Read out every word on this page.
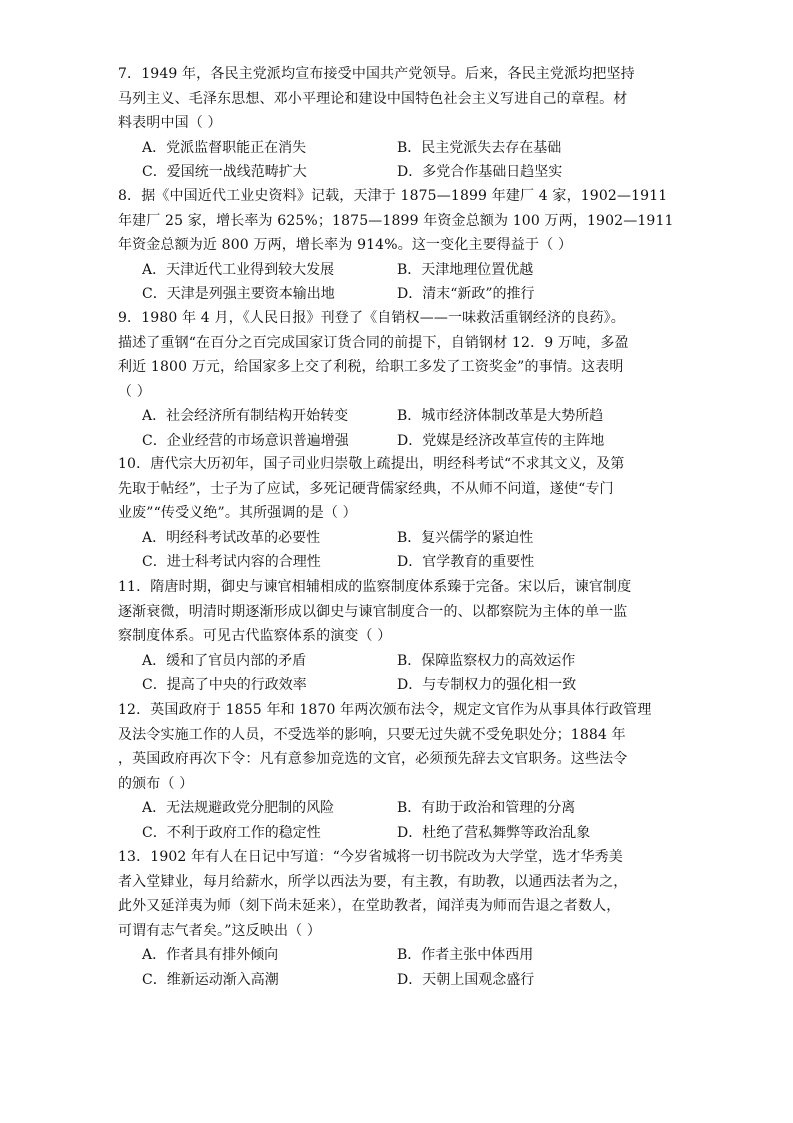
7．1949 年，各民主党派均宣布接受中国共产党领导。后来，各民主党派均把坚持
马列主义、毛泽东思想、邓小平理论和建设中国特色社会主义写进自己的章程。材
料表明中国（ ）

A．党派监督职能正在消失	B．民主党派失去存在基础
C．爱国统一战线范畴扩大	D．多党合作基础日趋坚实

8．据《中国近代工业史资料》记载，天津于 1875—1899 年建厂 4 家，1902—1911
年建厂 25 家，增长率为 625%；1875—1899 年资金总额为 100 万两，1902—1911
年资金总额为近 800 万两，增长率为 914%。这一变化主要得益于（ ）

A．天津近代工业得到较大发展	B．天津地理位置优越
C．天津是列强主要资本输出地	D．清末“新政”的推行

9．1980 年 4 月，《人民日报》刊登了《自销权——一味救活重钢经济的良药》。
描述了重钢“在百分之百完成国家订货合同的前提下，自销钢材 12．9 万吨，多盈
利近 1800 万元，给国家多上交了利税，给职工多发了工资奖金”的事情。这表明
（ ）

A．社会经济所有制结构开始转变	B．城市经济体制改革是大势所趋
C．企业经营的市场意识普遍增强	D．党媒是经济改革宣传的主阵地

10．唐代宗大历初年，国子司业归崇敬上疏提出，明经科考试“不求其文义，及第
先取于帖经”，士子为了应试，多死记硬背儒家经典，不从师不问道，遂使“专门
业废”“传受义绝”。其所强调的是（ ）

A．明经科考试改革的必要性	B．复兴儒学的紧迫性
C．进士科考试内容的合理性	D．官学教育的重要性

11．隋唐时期，御史与谏官相辅相成的监察制度体系臻于完备。宋以后，谏官制度
逐渐衰微，明清时期逐渐形成以御史与谏官制度合一的、以都察院为主体的单一监
察制度体系。可见古代监察体系的演变（ ）

A．缓和了官员内部的矛盾	B．保障监察权力的高效运作
C．提高了中央的行政效率	D．与专制权力的强化相一致

12．英国政府于 1855 年和 1870 年两次颁布法令，规定文官作为从事具体行政管理
及法令实施工作的人员，不受选举的影响，只要无过失就不受免职处分；1884 年
，英国政府再次下令：凡有意参加竞选的文官，必须预先辞去文官职务。这些法令
的颁布（ ）

A．无法规避政党分肥制的风险	B．有助于政治和管理的分离
C．不利于政府工作的稳定性	D．杜绝了营私舞弊等政治乱象

13．1902 年有人在日记中写道：“今岁省城将一切书院改为大学堂，选才华秀美
者入堂肄业，每月给薪水，所学以西法为要，有主教，有助教，以通西法者为之，
此外又延洋夷为师（刻下尚未延来），在堂助教者，闻洋夷为师而告退之者数人，
可谓有志气者矣。”这反映出（ ）

A．作者具有排外倾向	B．作者主张中体西用
C．维新运动渐入高潮	D．天朝上国观念盛行
